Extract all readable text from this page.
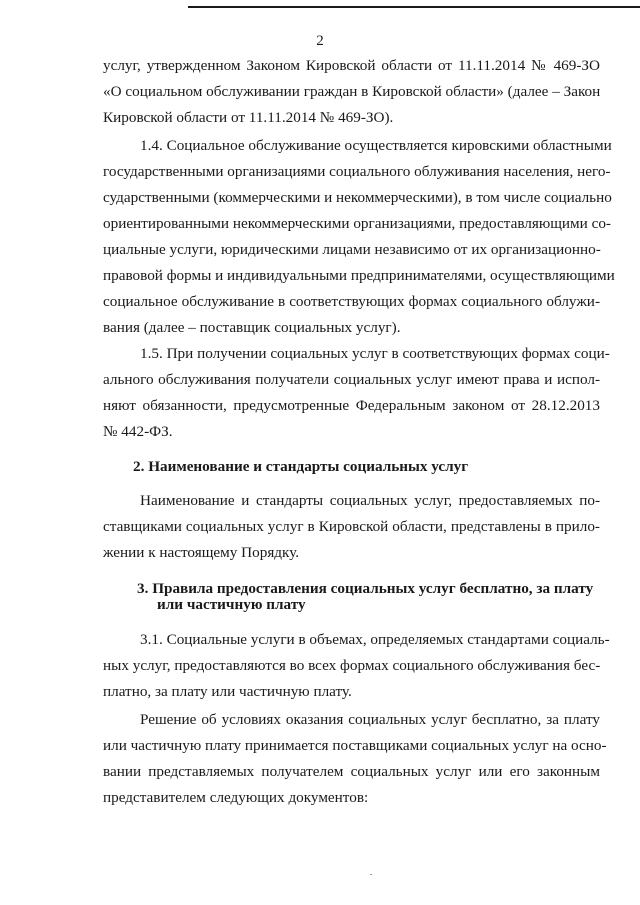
2
услуг, утвержденном Законом Кировской области от 11.11.2014 № 469-ЗО
«О социальном обслуживании граждан в Кировской области» (далее – Закон
Кировской области от 11.11.2014 № 469-ЗО).
1.4. Социальное обслуживание осуществляется кировскими областными
государственными организациями социального облуживания населения, него-
сударственными (коммерческими и некоммерческими), в том числе социально
ориентированными некоммерческими организациями, предоставляющими со-
циальные услуги, юридическими лицами независимо от их организационно-
правовой формы и индивидуальными предпринимателями, осуществляющими
социальное обслуживание в соответствующих формах социального облужи-
вания (далее – поставщик социальных услуг).
1.5. При получении социальных услуг в соответствующих формах соци-
ального обслуживания получатели социальных услуг имеют права и испол-
няют обязанности, предусмотренные Федеральным законом от 28.12.2013
№ 442-ФЗ.
2. Наименование и стандарты социальных услуг
Наименование и стандарты социальных услуг, предоставляемых по-
ставщиками социальных услуг в Кировской области, представлены в прило-
жении к настоящему Порядку.
3. Правила предоставления социальных услуг бесплатно, за плату
или частичную плату
3.1. Социальные услуги в объемах, определяемых стандартами социаль-
ных услуг, предоставляются во всех формах социального обслуживания бес-
платно, за плату или частичную плату.
Решение об условиях оказания социальных услуг бесплатно, за плату
или частичную плату принимается поставщиками социальных услуг на осно-
вании представляемых получателем социальных услуг или его законным
представителем следующих документов:
